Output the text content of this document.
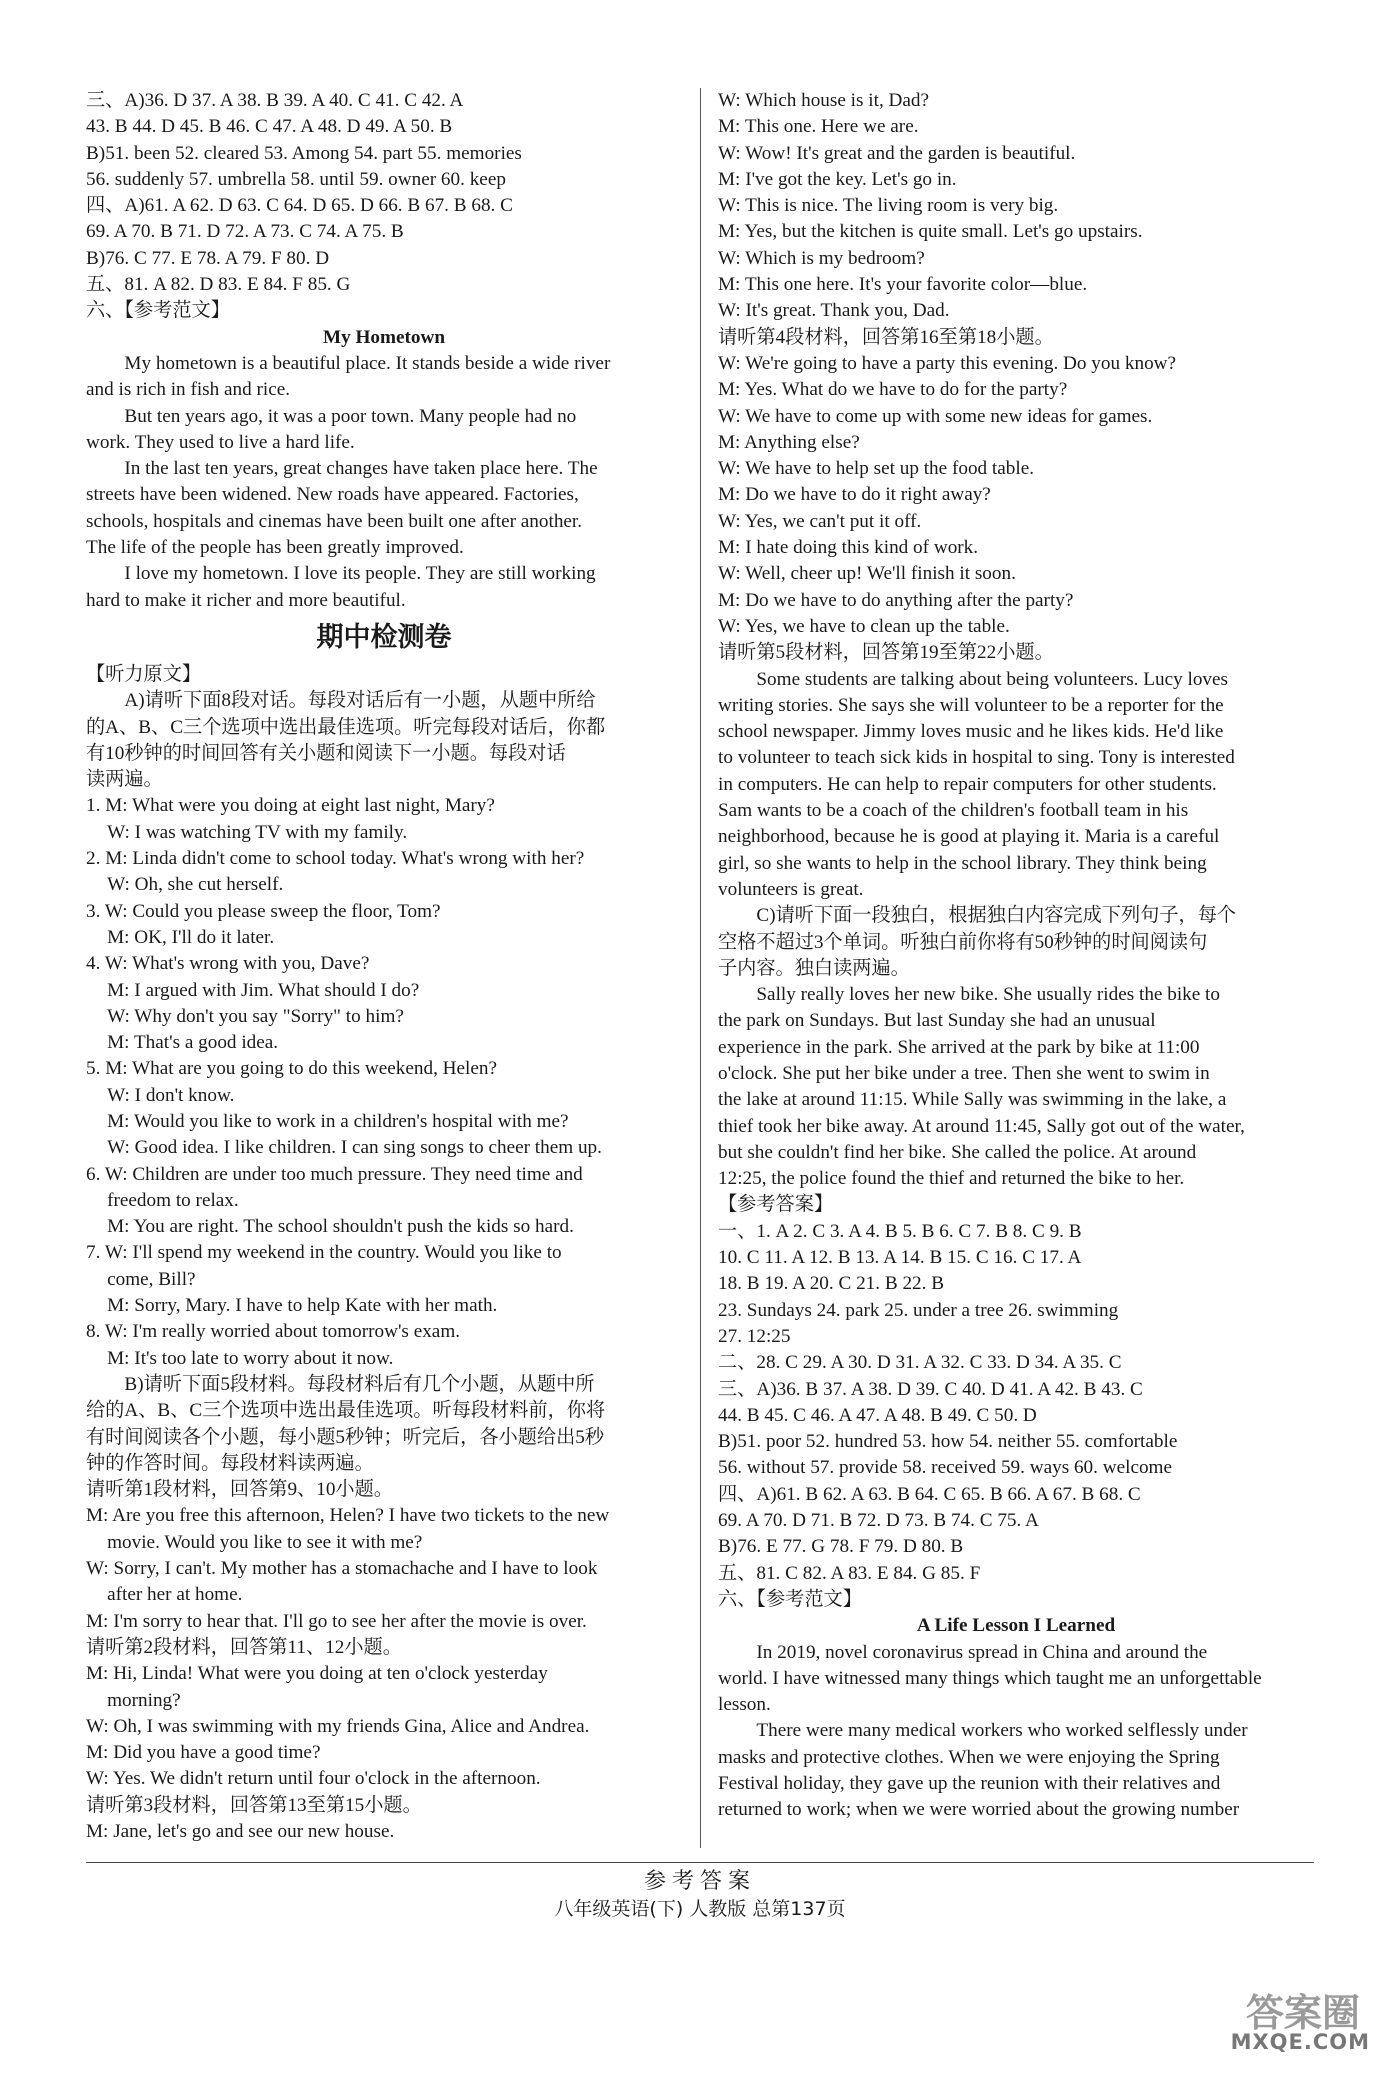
三、A)36. D 37. A 38. B 39. A 40. C 41. C 42. A
43. B 44. D 45. B 46. C 47. A 48. D 49. A 50. B
B)51. been 52. cleared 53. Among 54. part 55. memories
56. suddenly 57. umbrella 58. until 59. owner 60. keep
四、A)61. A 62. D 63. C 64. D 65. D 66. B 67. B 68. C
69. A 70. B 71. D 72. A 73. C 74. A 75. B
B)76. C 77. E 78. A 79. F 80. D
五、81. A 82. D 83. E 84. F 85. G
六、【参考范文】
My Hometown
My hometown is a beautiful place. It stands beside a wide river
and is rich in fish and rice.
But ten years ago, it was a poor town. Many people had no
work. They used to live a hard life.
In the last ten years, great changes have taken place here. The
streets have been widened. New roads have appeared. Factories,
schools, hospitals and cinemas have been built one after another.
The life of the people has been greatly improved.
I love my hometown. I love its people. They are still working
hard to make it richer and more beautiful.
期中检测卷
【听力原文】
A)请听下面8段对话。每段对话后有一小题，从题中所给
的A、B、C三个选项中选出最佳选项。听完每段对话后，你都
有10秒钟的时间回答有关小题和阅读下一小题。每段对话
读两遍。
1. M: What were you doing at eight last night, Mary?
W: I was watching TV with my family.
2. M: Linda didn't come to school today. What's wrong with her?
W: Oh, she cut herself.
3. W: Could you please sweep the floor, Tom?
M: OK, I'll do it later.
4. W: What's wrong with you, Dave?
M: I argued with Jim. What should I do?
W: Why don't you say "Sorry" to him?
M: That's a good idea.
5. M: What are you going to do this weekend, Helen?
W: I don't know.
M: Would you like to work in a children's hospital with me?
W: Good idea. I like children. I can sing songs to cheer them up.
6. W: Children are under too much pressure. They need time and
freedom to relax.
M: You are right. The school shouldn't push the kids so hard.
7. W: I'll spend my weekend in the country. Would you like to
come, Bill?
M: Sorry, Mary. I have to help Kate with her math.
8. W: I'm really worried about tomorrow's exam.
M: It's too late to worry about it now.
B)请听下面5段材料。每段材料后有几个小题，从题中所
给的A、B、C三个选项中选出最佳选项。听每段材料前，你将
有时间阅读各个小题，每小题5秒钟；听完后，各小题给出5秒
钟的作答时间。每段材料读两遍。
请听第1段材料，回答第9、10小题。
M: Are you free this afternoon, Helen? I have two tickets to the new
movie. Would you like to see it with me?
W: Sorry, I can't. My mother has a stomachache and I have to look
after her at home.
M: I'm sorry to hear that. I'll go to see her after the movie is over.
请听第2段材料，回答第11、12小题。
M: Hi, Linda! What were you doing at ten o'clock yesterday
morning?
W: Oh, I was swimming with my friends Gina, Alice and Andrea.
M: Did you have a good time?
W: Yes. We didn't return until four o'clock in the afternoon.
请听第3段材料，回答第13至第15小题。
M: Jane, let's go and see our new house.
W: Which house is it, Dad?
M: This one. Here we are.
W: Wow! It's great and the garden is beautiful.
M: I've got the key. Let's go in.
W: This is nice. The living room is very big.
M: Yes, but the kitchen is quite small. Let's go upstairs.
W: Which is my bedroom?
M: This one here. It's your favorite color—blue.
W: It's great. Thank you, Dad.
请听第4段材料，回答第16至第18小题。
W: We're going to have a party this evening. Do you know?
M: Yes. What do we have to do for the party?
W: We have to come up with some new ideas for games.
M: Anything else?
W: We have to help set up the food table.
M: Do we have to do it right away?
W: Yes, we can't put it off.
M: I hate doing this kind of work.
W: Well, cheer up! We'll finish it soon.
M: Do we have to do anything after the party?
W: Yes, we have to clean up the table.
请听第5段材料，回答第19至第22小题。
Some students are talking about being volunteers. Lucy loves
writing stories. She says she will volunteer to be a reporter for the
school newspaper. Jimmy loves music and he likes kids. He'd like
to volunteer to teach sick kids in hospital to sing. Tony is interested
in computers. He can help to repair computers for other students.
Sam wants to be a coach of the children's football team in his
neighborhood, because he is good at playing it. Maria is a careful
girl, so she wants to help in the school library. They think being
volunteers is great.
C)请听下面一段独白，根据独白内容完成下列句子，每个
空格不超过3个单词。听独白前你将有50秒钟的时间阅读句
子内容。独白读两遍。
Sally really loves her new bike. She usually rides the bike to
the park on Sundays. But last Sunday she had an unusual
experience in the park. She arrived at the park by bike at 11:00
o'clock. She put her bike under a tree. Then she went to swim in
the lake at around 11:15. While Sally was swimming in the lake, a
thief took her bike away. At around 11:45, Sally got out of the water,
but she couldn't find her bike. She called the police. At around
12:25, the police found the thief and returned the bike to her.
【参考答案】
一、1. A 2. C 3. A 4. B 5. B 6. C 7. B 8. C 9. B
10. C 11. A 12. B 13. A 14. B 15. C 16. C 17. A
18. B 19. A 20. C 21. B 22. B
23. Sundays 24. park 25. under a tree 26. swimming
27. 12:25
二、28. C 29. A 30. D 31. A 32. C 33. D 34. A 35. C
三、A)36. B 37. A 38. D 39. C 40. D 41. A 42. B 43. C
44. B 45. C 46. A 47. A 48. B 49. C 50. D
B)51. poor 52. hundred 53. how 54. neither 55. comfortable
56. without 57. provide 58. received 59. ways 60. welcome
四、A)61. B 62. A 63. B 64. C 65. B 66. A 67. B 68. C
69. A 70. D 71. B 72. D 73. B 74. C 75. A
B)76. E 77. G 78. F 79. D 80. B
五、81. C 82. A 83. E 84. G 85. F
六、【参考范文】
A Life Lesson I Learned
In 2019, novel coronavirus spread in China and around the
world. I have witnessed many things which taught me an unforgettable
lesson.
There were many medical workers who worked selflessly under
masks and protective clothes. When we were enjoying the Spring
Festival holiday, they gave up the reunion with their relatives and
returned to work; when we were worried about the growing number
参考答案
八年级英语(下) 人教版 总第137页
答案圈
MXQE.COM
